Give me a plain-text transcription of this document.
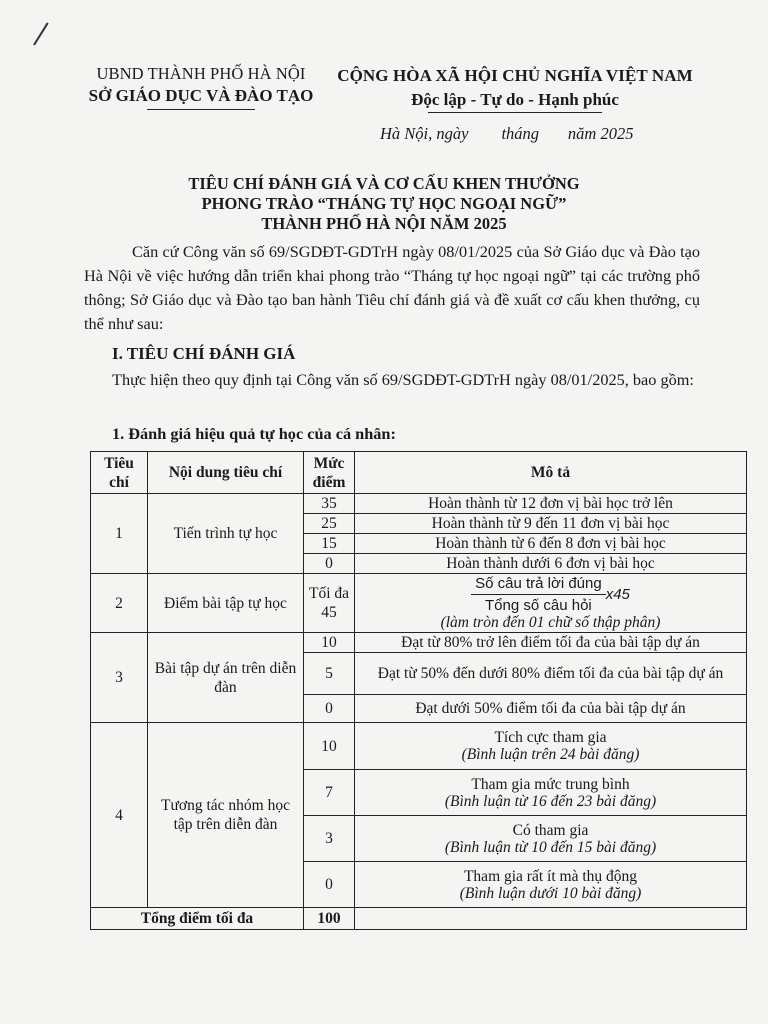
UBND THÀNH PHỐ HÀ NỘI
SỞ GIÁO DỤC VÀ ĐÀO TẠO
CỘNG HÒA XÃ HỘI CHỦ NGHĨA VIỆT NAM
Độc lập - Tự do - Hạnh phúc
Hà Nội, ngày        tháng       năm 2025
TIÊU CHÍ ĐÁNH GIÁ VÀ CƠ CẤU KHEN THƯỞNG
PHONG TRÀO “THÁNG TỰ HỌC NGOẠI NGỮ”
THÀNH PHỐ HÀ NỘI NĂM 2025
Căn cứ Công văn số 69/SGDĐT-GDTrH ngày 08/01/2025 của Sở Giáo dục và Đào tạo Hà Nội về việc hướng dẫn triển khai phong trào “Tháng tự học ngoại ngữ” tại các trường phổ thông; Sở Giáo dục và Đào tạo ban hành Tiêu chí đánh giá và đề xuất cơ cấu khen thưởng, cụ thể như sau:
I. TIÊU CHÍ ĐÁNH GIÁ
Thực hiện theo quy định tại Công văn số 69/SGDĐT-GDTrH ngày 08/01/2025, bao gồm:
1. Đánh giá hiệu quả tự học của cá nhân:
Tiêu chí	Nội dung tiêu chí	Mức điểm	Mô tả
1	Tiến trình tự học	35	Hoàn thành từ 12 đơn vị bài học trở lên
		25	Hoàn thành từ 9 đến 11 đơn vị bài học
		15	Hoàn thành từ 6 đến 8 đơn vị bài học
		0	Hoàn thành dưới 6 đơn vị bài học
2	Điểm bài tập tự học	Tối đa 45	$\frac{\text{Số câu trả lời đúng}}{\text{Tổng số câu hỏi}} x45$
(làm tròn đến 01 chữ số thập phân)

3	Bài tập dự án trên diễn đàn	10	Đạt từ 80% trở lên điểm tối đa của bài tập dự án
		5	Đạt từ 50% đến dưới 80% điểm tối đa của bài tập dự án
		0	Đạt dưới 50% điểm tối đa của bài tập dự án
4	Tương tác nhóm học tập trên diễn đàn	10	Tích cực tham gia
(Bình luận trên 24 bài đăng)

		7	Tham gia mức trung bình
(Bình luận từ 16 đến 23 bài đăng)

		3	Có tham gia
(Bình luận từ 10 đến 15 bài đăng)

		0	Tham gia rất ít mà thụ động
(Bình luận dưới 10 bài đăng)

Tổng điểm tối đa		100	
